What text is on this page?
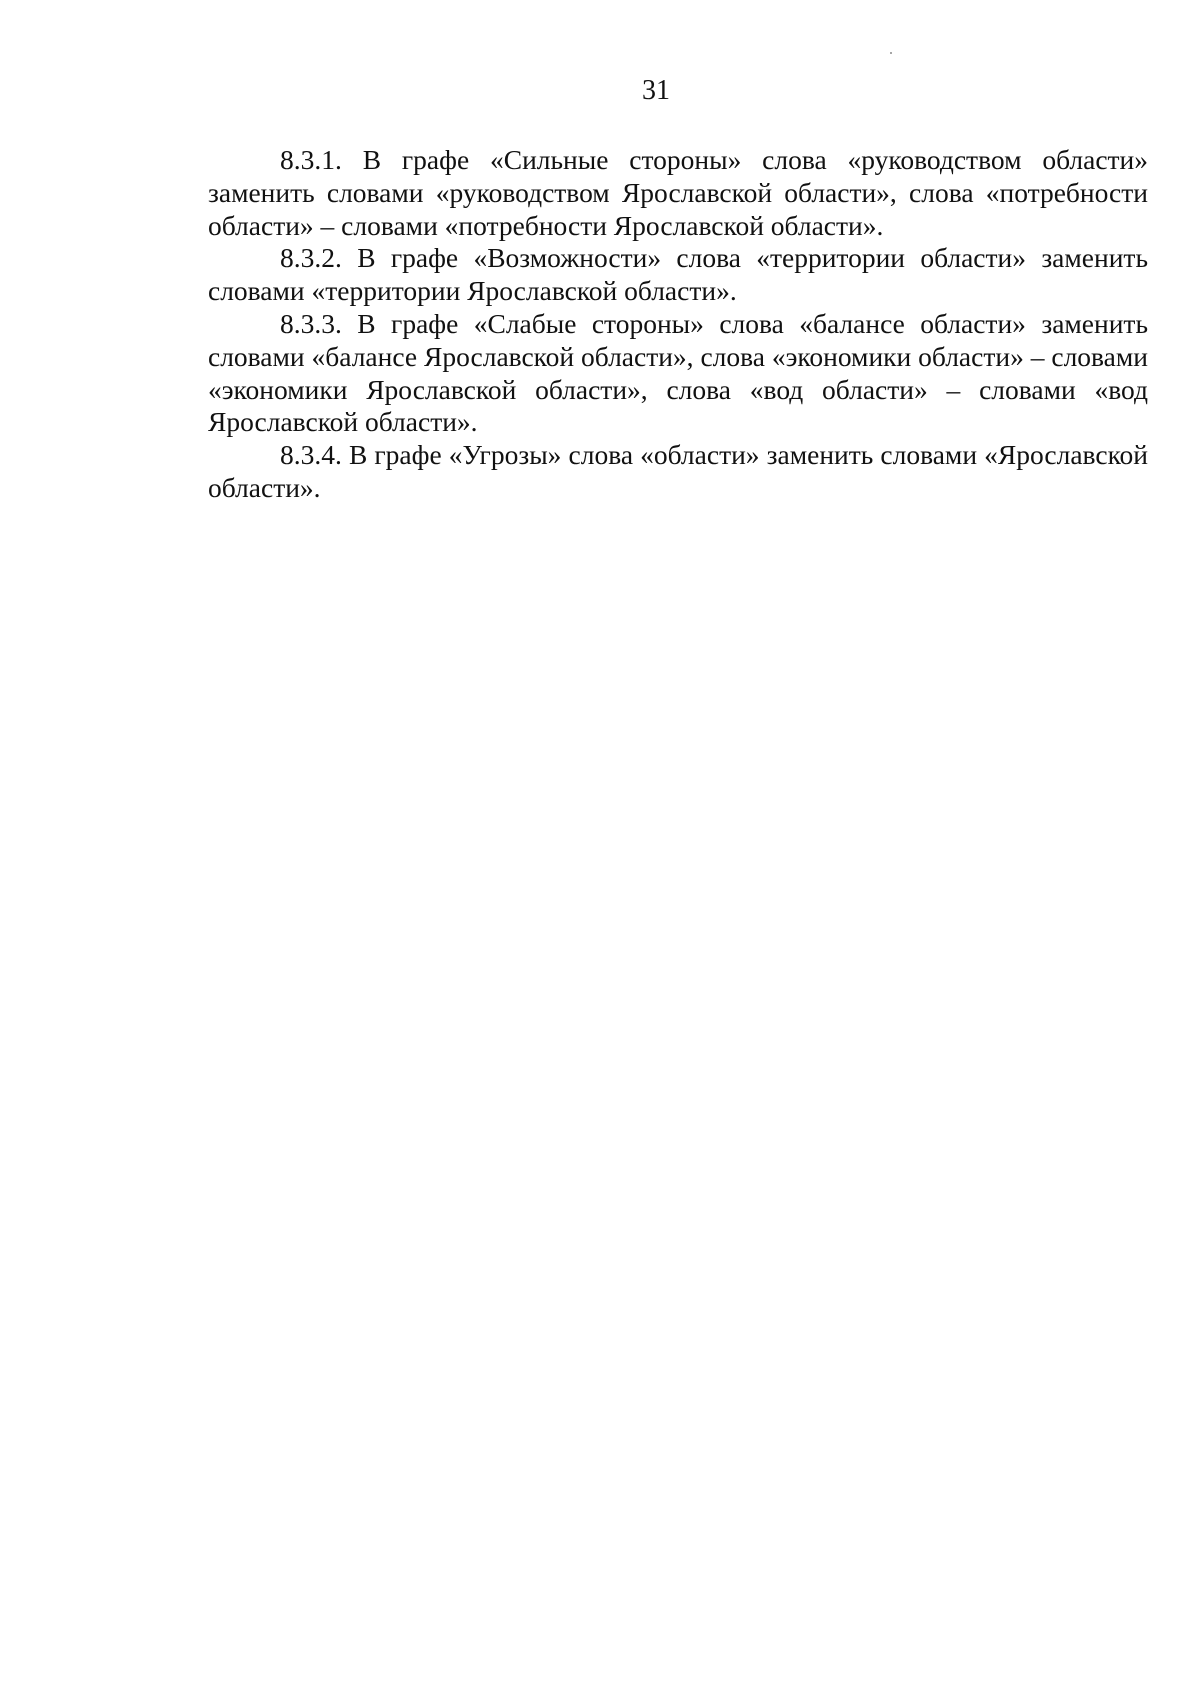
31

8.3.1. В графе «Сильные стороны» слова «руководством области» заменить словами «руководством Ярославской области», слова «потребности области» – словами «потребности Ярославской области».

8.3.2. В графе «Возможности» слова «территории области» заменить словами «территории Ярославской области».

8.3.3. В графе «Слабые стороны» слова «балансе области» заменить словами «балансе Ярославской области», слова «экономики области» – словами «экономики Ярославской области», слова «вод области» – словами «вод Ярославской области».

8.3.4. В графе «Угрозы» слова «области» заменить словами «Ярославской области».
